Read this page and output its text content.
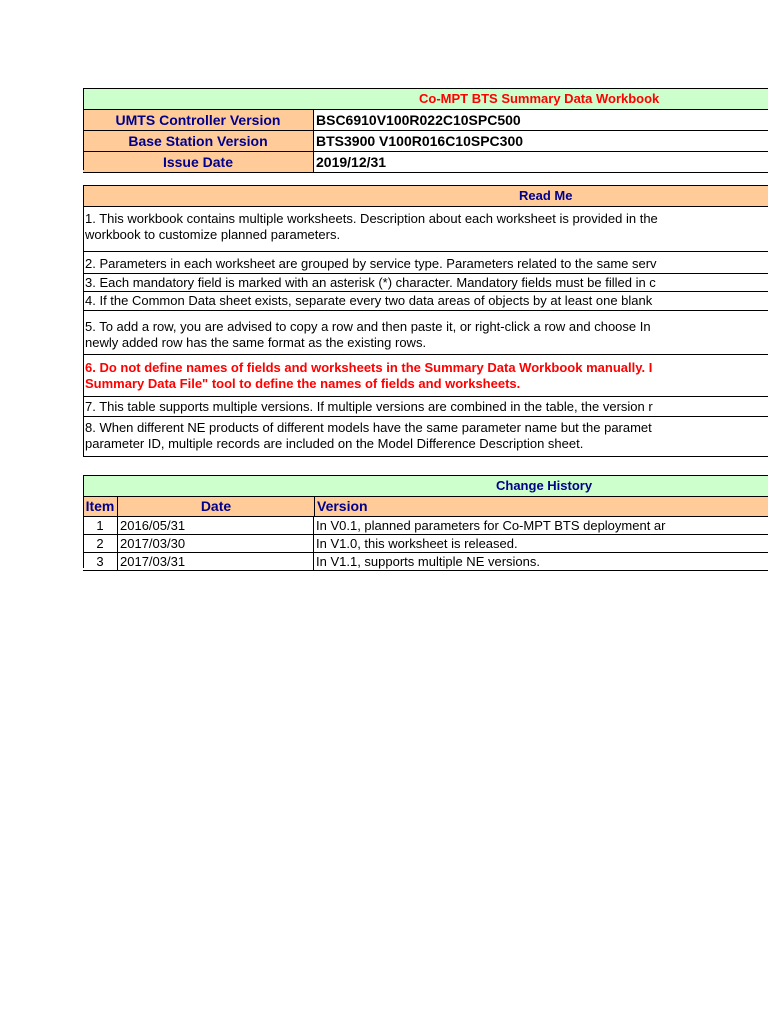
Co-MPT BTS Summary Data Workbook
UMTS Controller Version	BSC6910V100R022C10SPC500
Base Station Version	BTS3900 V100R016C10SPC300
Issue Date	2019/12/31
Read Me
1. This workbook contains multiple worksheets. Description about each worksheet is provided in the
workbook to customize planned parameters.
2. Parameters in each worksheet are grouped by service type. Parameters related to the same serv
3. Each mandatory field is marked with an asterisk (*) character. Mandatory fields must be filled in c
4. If the Common Data sheet exists, separate every two data areas of objects by at least one blank
5. To add a row, you are advised to copy a row and then paste it, or right-click a row and choose In
newly added row has the same format as the existing rows.
6. Do not define names of fields and worksheets in the Summary Data Workbook manually. I
Summary Data File" tool to define the names of fields and worksheets.
7. This table supports multiple versions. If multiple versions are combined in the table, the version r
8. When different NE products of different models have the same parameter name but the paramet
parameter ID, multiple records are included on the Model Difference Description sheet.
Change History
Item	Date	Version
1	2016/05/31	In V0.1, planned parameters for Co-MPT BTS deployment ar
2	2017/03/30	In V1.0, this worksheet is released.
3	2017/03/31	In V1.1, supports multiple NE versions.
